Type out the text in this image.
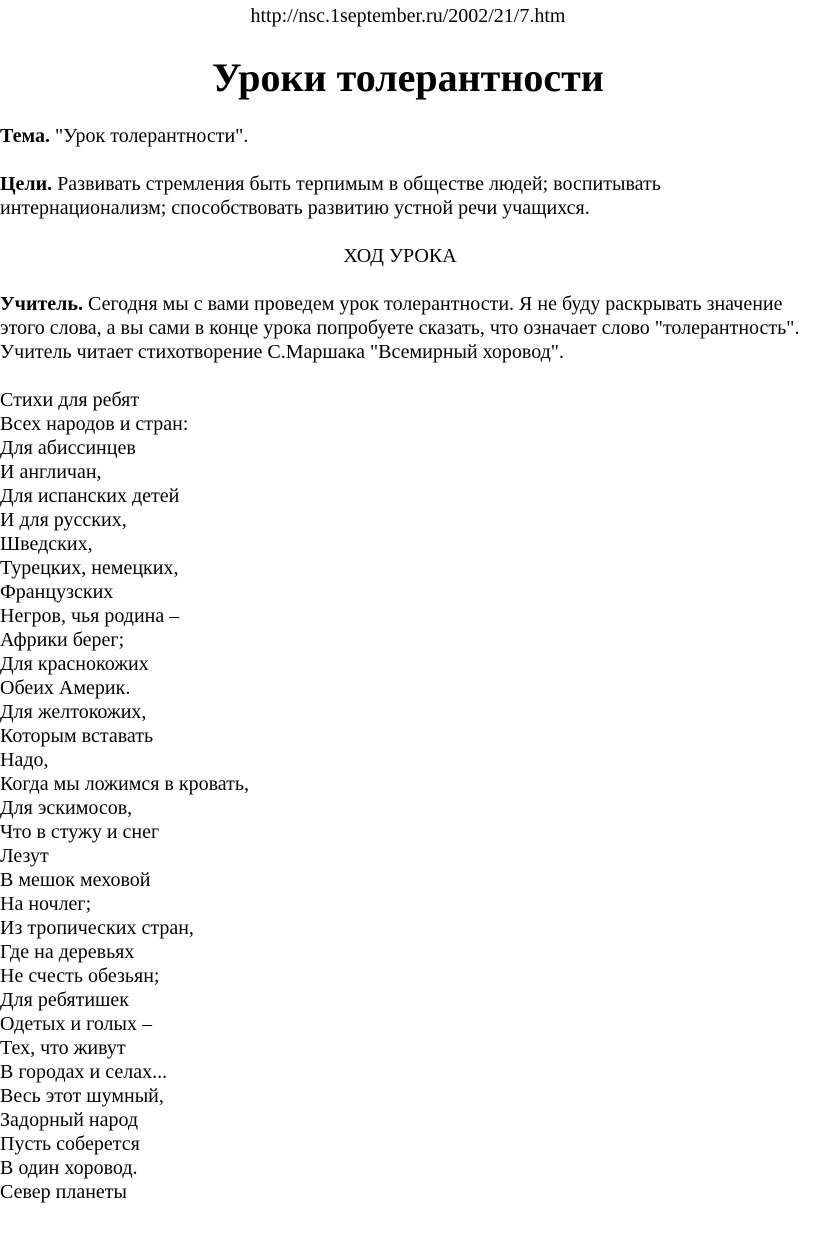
http://nsc.1september.ru/2002/21/7.htm
Уроки толерантности

Тема. "Урок толерантности".

Цели. Развивать стремления быть терпимым в обществе людей; воспитывать интернационализм; способствовать развитию устной речи учащихся.

ХОД УРОКА

Учитель. Сегодня мы с вами проведем урок толерантности. Я не буду раскрывать значение этого слова, а вы сами в конце урока попробуете сказать, что означает слово "толерантность".

Учитель читает стихотворение С.Маршака "Всемирный хоровод".

Стихи для ребят
Всех народов и стран:
Для абиссинцев
И англичан,
Для испанских детей
И для русских,
Шведских,
Турецких, немецких,
Французских
Негров, чья родина –
Африки берег;
Для краснокожих
Обеих Америк.
Для желтокожих,
Которым вставать
Надо,
Когда мы ложимся в кровать,
Для эскимосов,
Что в стужу и снег
Лезут
В мешок меховой
На ночлег;
Из тропических стран,
Где на деревьях
Не счесть обезьян;
Для ребятишек
Одетых и голых –
Тех, что живут
В городах и селах...
Весь этот шумный,
Задорный народ
Пусть соберется
В один хоровод.
Север планеты
